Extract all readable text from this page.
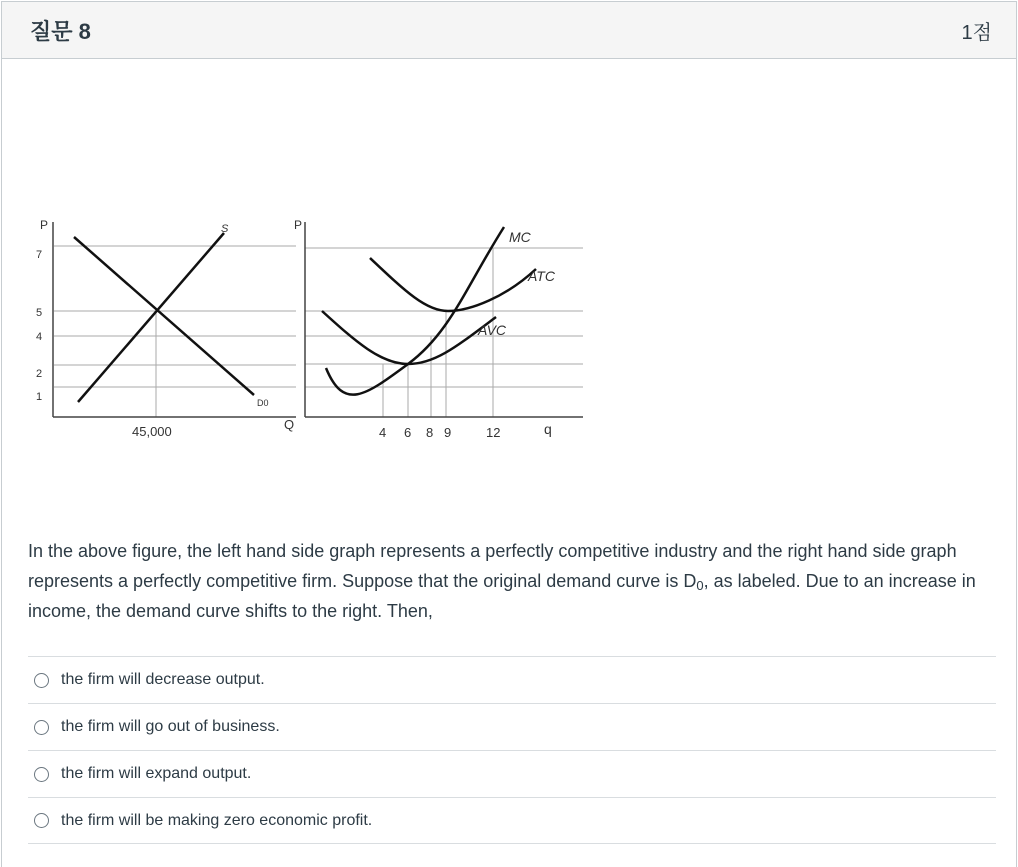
질문 8	1점
P
7
5
4
2
1
45,000	Q
S
D0
P
4 6 8 9	12	q
MC
ATC
AVC
In the above figure, the left hand side graph represents a perfectly competitive industry and the right hand side graph represents a perfectly competitive firm. Suppose that the original demand curve is $D_0$, as labeled. Due to an increase in income, the demand curve shifts to the right. Then,
the firm will decrease output.
the firm will go out of business.
the firm will expand output.
the firm will be making zero economic profit.
